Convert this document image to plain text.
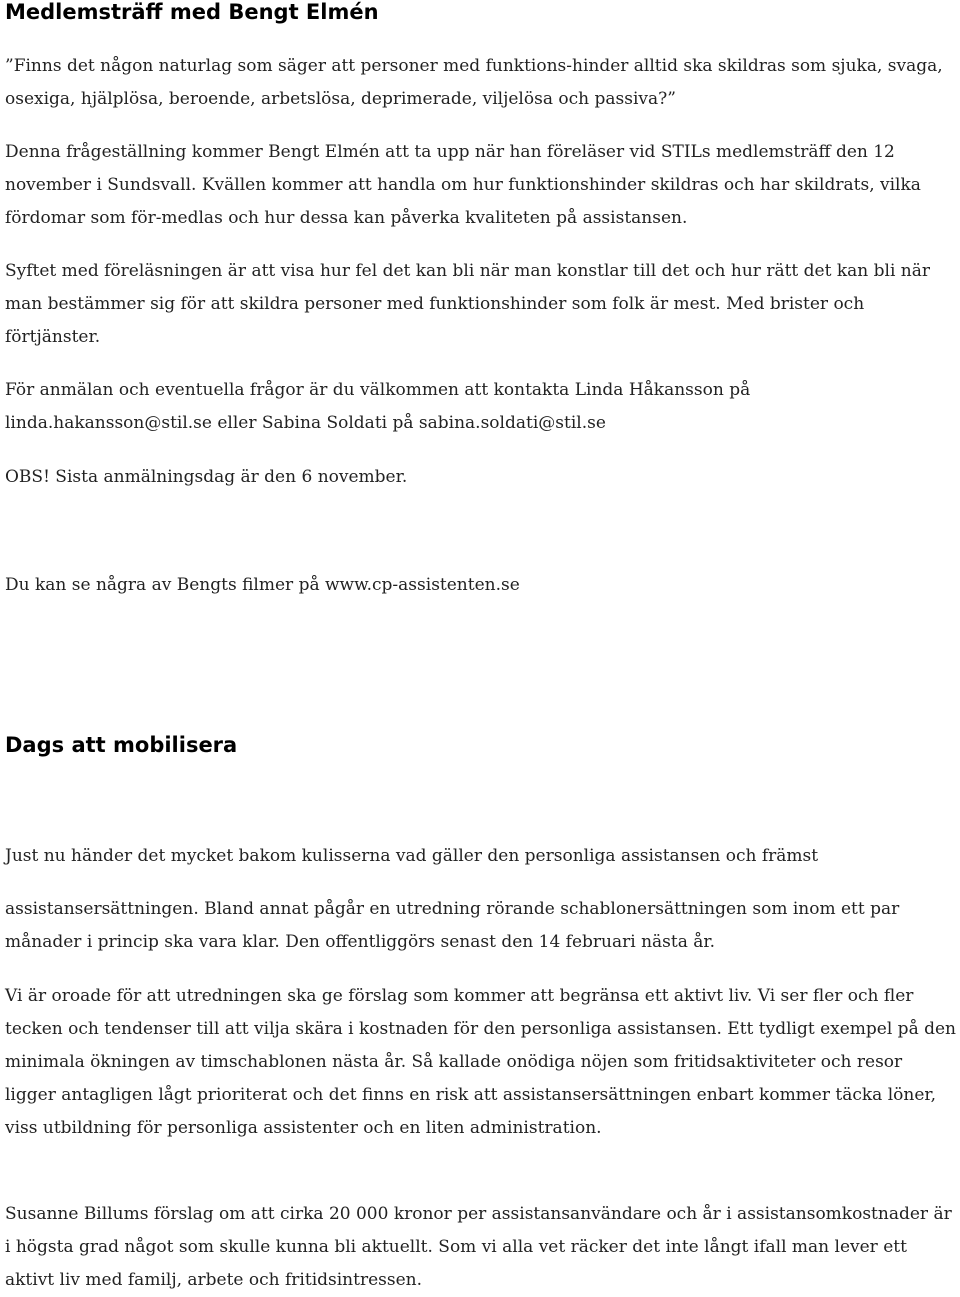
Medlemsträff med Bengt Elmén

”Finns det någon naturlag som säger att personer med funktions-hinder alltid ska skildras som sjuka, svaga, osexiga, hjälplösa, beroende, arbetslösa, deprimerade, viljelösa och passiva?”

Denna frågeställning kommer Bengt Elmén att ta upp när han föreläser vid STILs medlemsträff den 12 november i Sundsvall. Kvällen kommer att handla om hur funktionshinder skildras och har skildrats, vilka fördomar som för-medlas och hur dessa kan påverka kvaliteten på assistansen.

Syftet med föreläsningen är att visa hur fel det kan bli när man konstlar till det och hur rätt det kan bli när man bestämmer sig för att skildra personer med funktionshinder som folk är mest. Med brister och förtjänster.

För anmälan och eventuella frågor är du välkommen att kontakta Linda Håkansson på linda.hakansson@stil.se eller Sabina Soldati på sabina.soldati@stil.se

OBS! Sista anmälningsdag är den 6 november.

Du kan se några av Bengts filmer på www.cp-assistenten.se

Dags att mobilisera

Just nu händer det mycket bakom kulisserna vad gäller den personliga assistansen och främst

assistansersättningen. Bland annat pågår en utredning rörande schablonersättningen som inom ett par månader i princip ska vara klar. Den offentliggörs senast den 14 februari nästa år.

Vi är oroade för att utredningen ska ge förslag som kommer att begränsa ett aktivt liv. Vi ser fler och fler tecken och tendenser till att vilja skära i kostnaden för den personliga assistansen. Ett tydligt exempel på den minimala ökningen av timschablonen nästa år. Så kallade onödiga nöjen som fritidsaktiviteter och resor ligger antagligen lågt prioriterat och det finns en risk att assistansersättningen enbart kommer täcka löner, viss utbildning för personliga assistenter och en liten administration.

Susanne Billums förslag om att cirka 20 000 kronor per assistansanvändare och år i assistansomkostnader är i högsta grad något som skulle kunna bli aktuellt. Som vi alla vet räcker det inte långt ifall man lever ett aktivt liv med familj, arbete och fritidsintressen.
